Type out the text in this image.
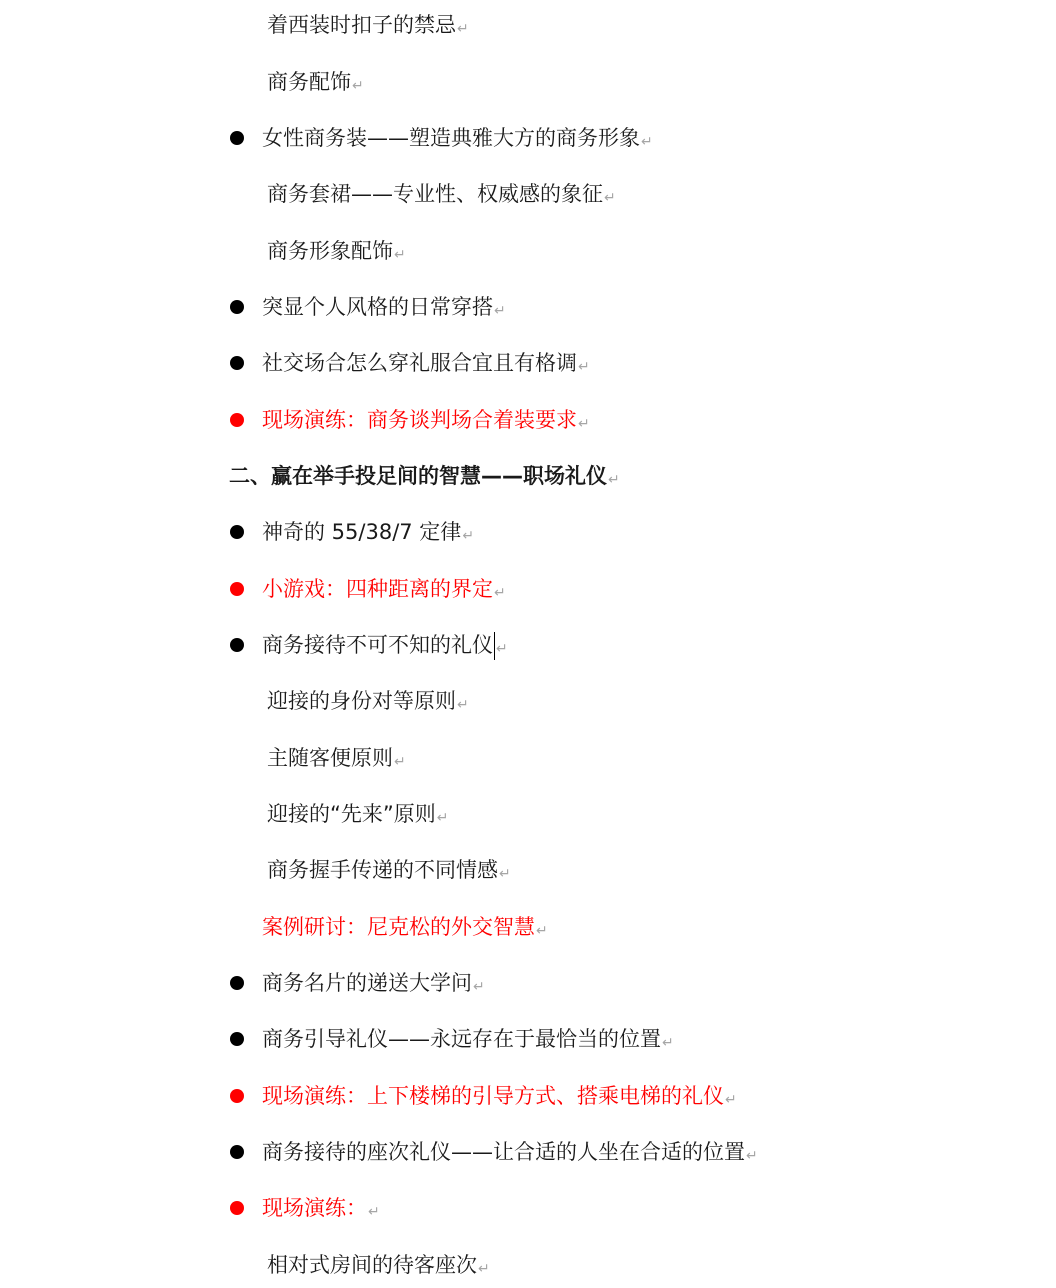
着西装时扣子的禁忌↵
商务配饰↵
女性商务装——塑造典雅大方的商务形象↵
商务套裙——专业性、权威感的象征↵
商务形象配饰↵
突显个人风格的日常穿搭↵
社交场合怎么穿礼服合宜且有格调↵
现场演练：商务谈判场合着装要求↵
二、赢在举手投足间的智慧——职场礼仪↵
神奇的 55/38/7 定律↵
小游戏：四种距离的界定↵
商务接待不可不知的礼仪 ↵
迎接的身份对等原则↵
主随客便原则↵
迎接的“先来”原则↵
商务握手传递的不同情感↵
案例研讨：尼克松的外交智慧↵
商务名片的递送大学问↵
商务引导礼仪——永远存在于最恰当的位置↵
现场演练：上下楼梯的引导方式、搭乘电梯的礼仪↵
商务接待的座次礼仪——让合适的人坐在合适的位置↵
现场演练：↵
相对式房间的待客座次↵
